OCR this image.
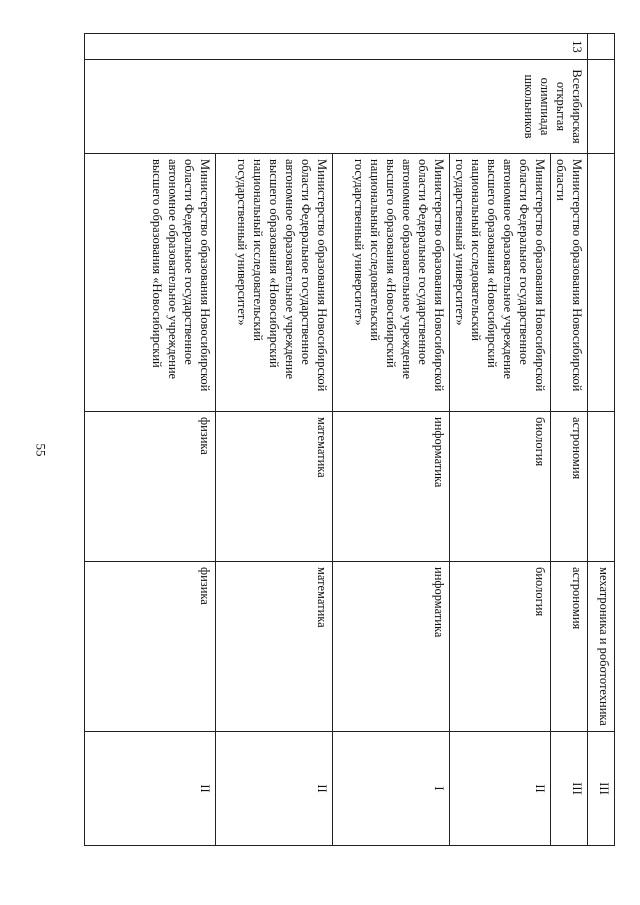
55
				мехатроника и робототехника	III
13	Всесибирская открытая олимпиада школьников	Министерство образования Новосибирской области	астрономия	астрономия	III
		Министерство образования Новосибирской области Федеральное государственное автономное образовательное учреждение высшего образования «Новосибирский национальный исследовательский государственный университет»	биология	биология	II
		Министерство образования Новосибирской области Федеральное государственное автономное образовательное учреждение высшего образования «Новосибирский национальный исследовательский государственный университет»	информатика	информатика	I
		Министерство образования Новосибирской области Федеральное государственное автономное образовательное учреждение высшего образования «Новосибирский национальный исследовательский государственный университет»	математика	математика	II
		Министерство образования Новосибирской области Федеральное государственное автономное образовательное учреждение высшего образования «Новосибирский	физика	физика	II
